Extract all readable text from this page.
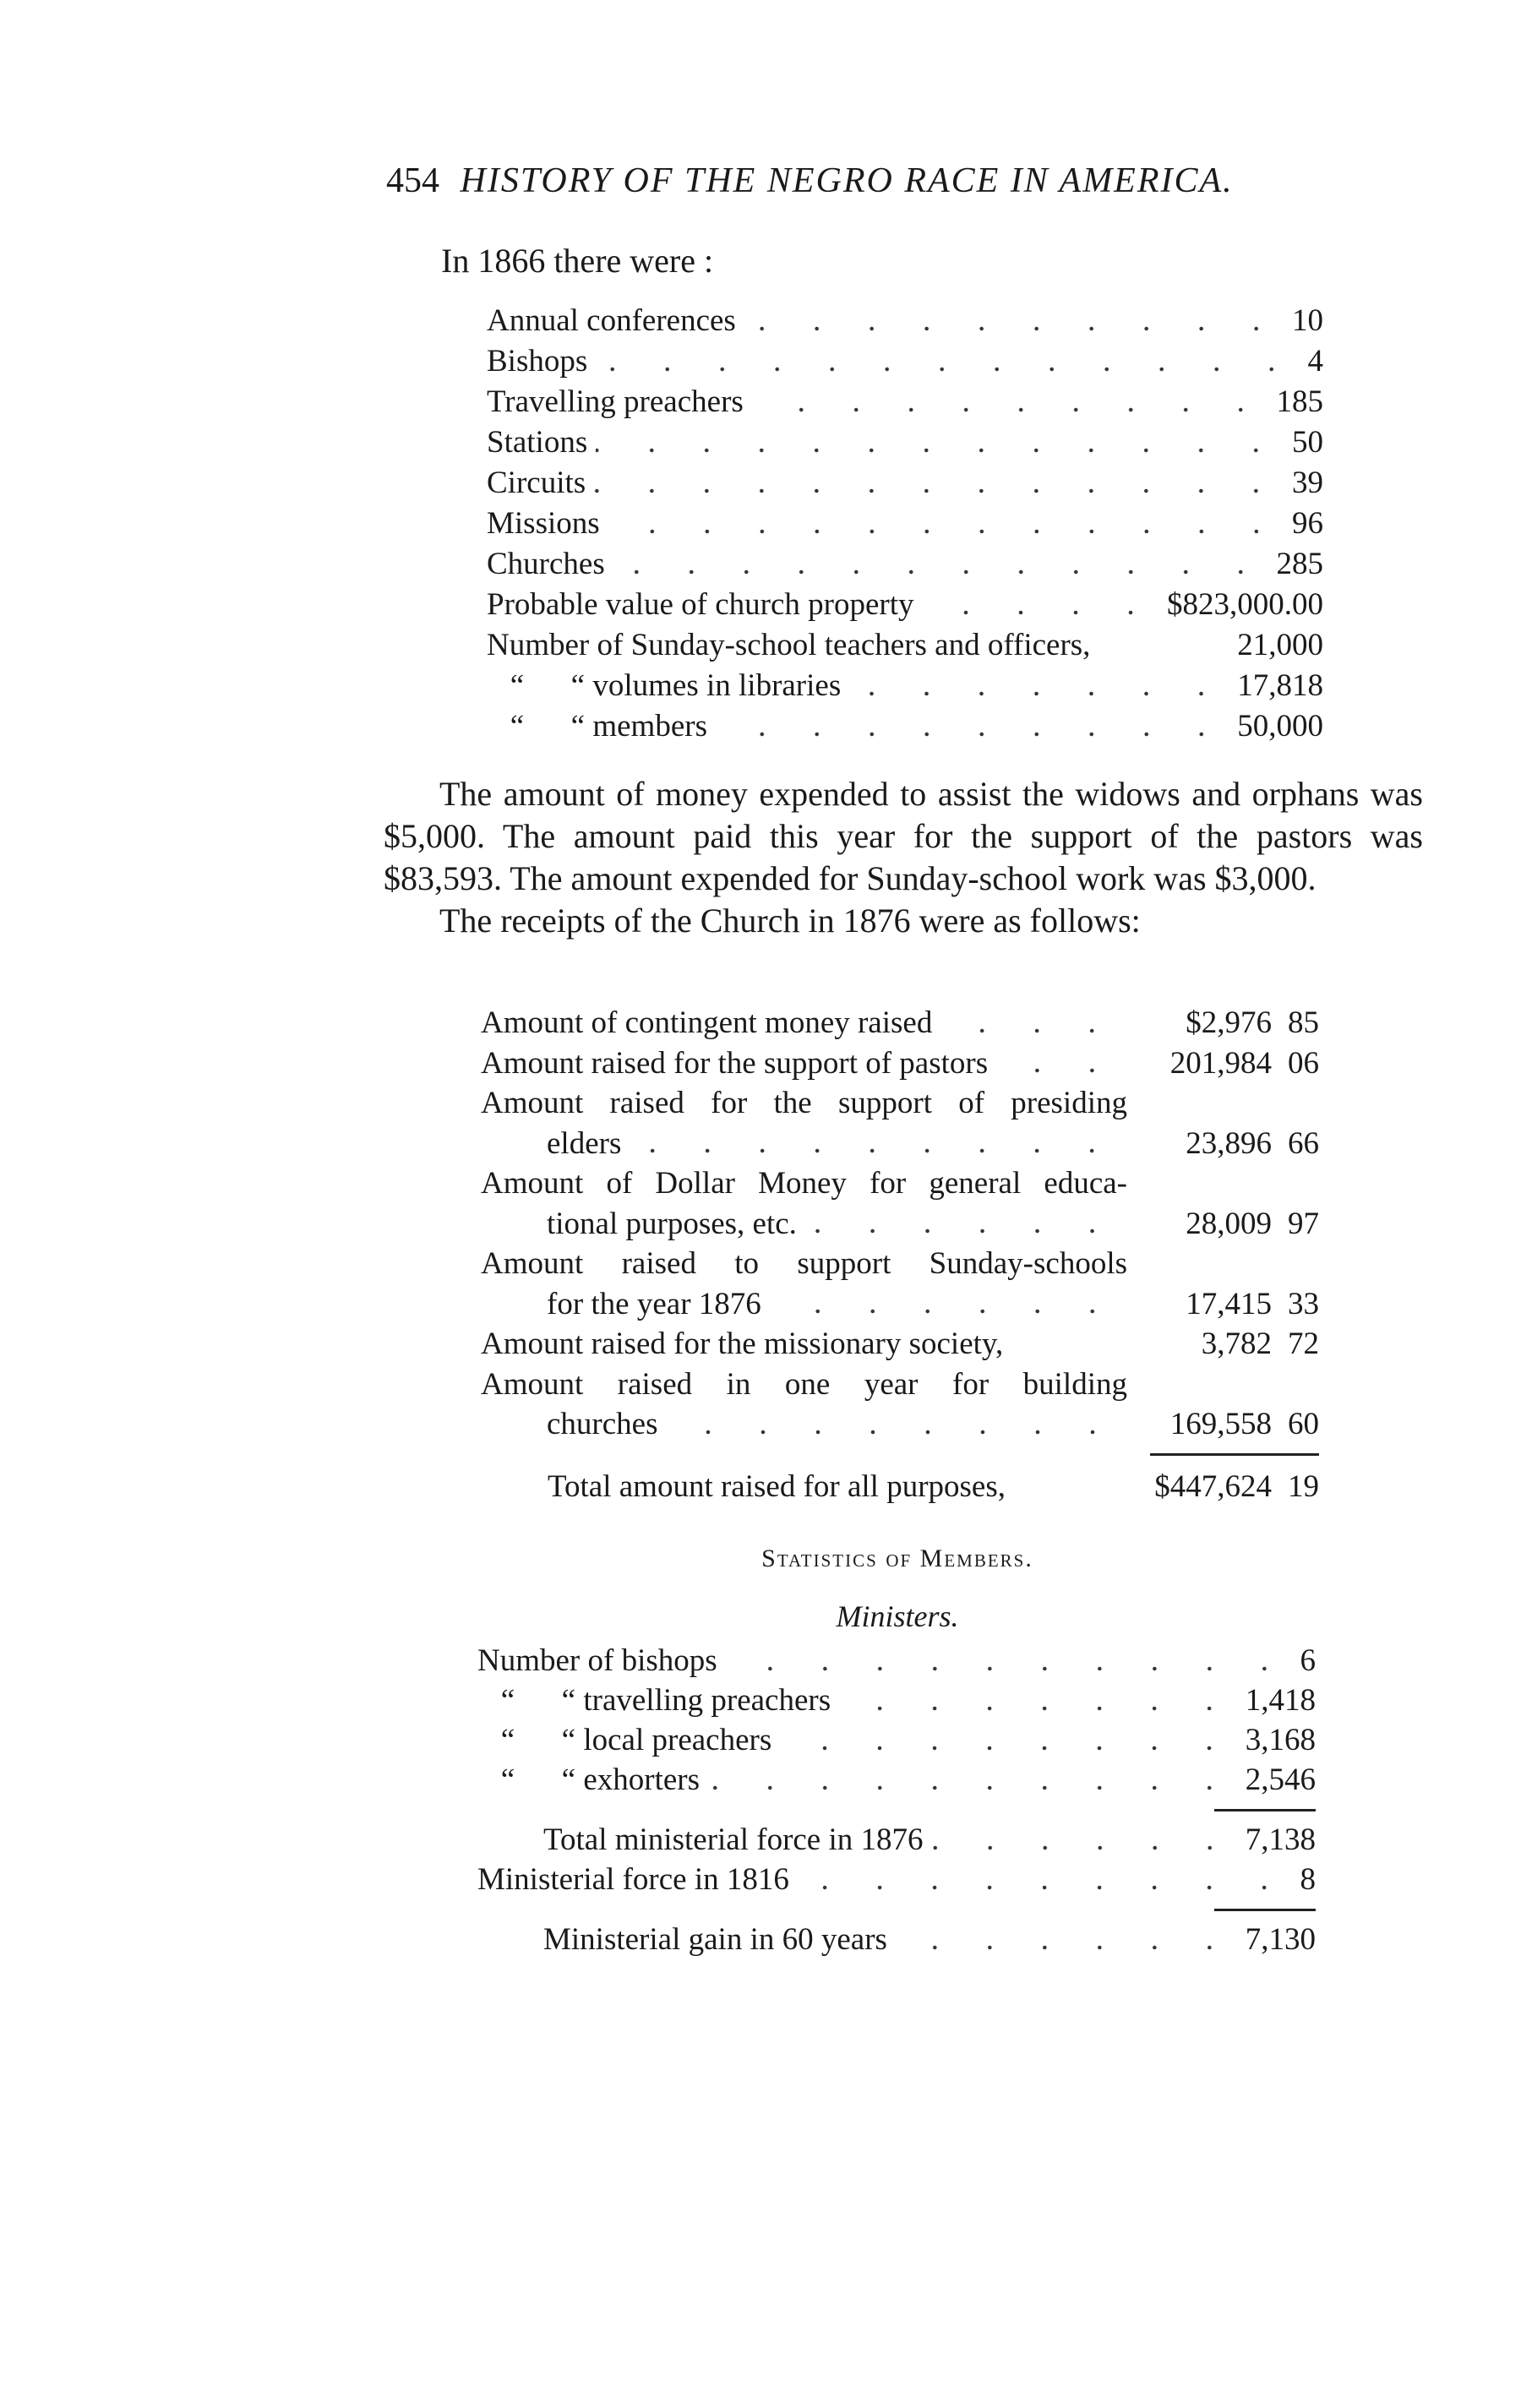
454 HISTORY OF THE NEGRO RACE IN AMERICA.
In 1866 there were :
Annual conferences	10
Bishops	4
Travelling preachers	185
Stations	50
Circuits	39
Missions	96
Churches	285
Probable value of church property	$823,000.00
Number of Sunday-school teachers and officers,	21,000
“      “ volumes in libraries	17,818
“      “ members	50,000

The amount of money expended to assist the widows and orphans was $5,000. The amount paid this year for the support of the pastors was $83,593. The amount expended for Sunday-school work was $3,000.

The receipts of the Church in 1876 were as follows:

Amount of contingent money raised	$2,976 85
Amount raised for the support of pastors	201,984 06
Amount raised for the support of presiding
elders	23,896 66
Amount of Dollar Money for general educa-
tional purposes, etc.	28,009 97
Amount raised to support Sunday-schools
for the year 1876	17,415 33
Amount raised for the missionary society,	3,782 72
Amount raised in one year for building
churches	169,558 60
Total amount raised for all purposes,	$447,624 19
Statistics of Members.
Ministers.
Number of bishops	6
“      “ travelling preachers	1,418
“      “ local preachers	3,168
“      “ exhorters	2,546
Total ministerial force in 1876	7,138
Ministerial force in 1816	8
Ministerial gain in 60 years	7,130
